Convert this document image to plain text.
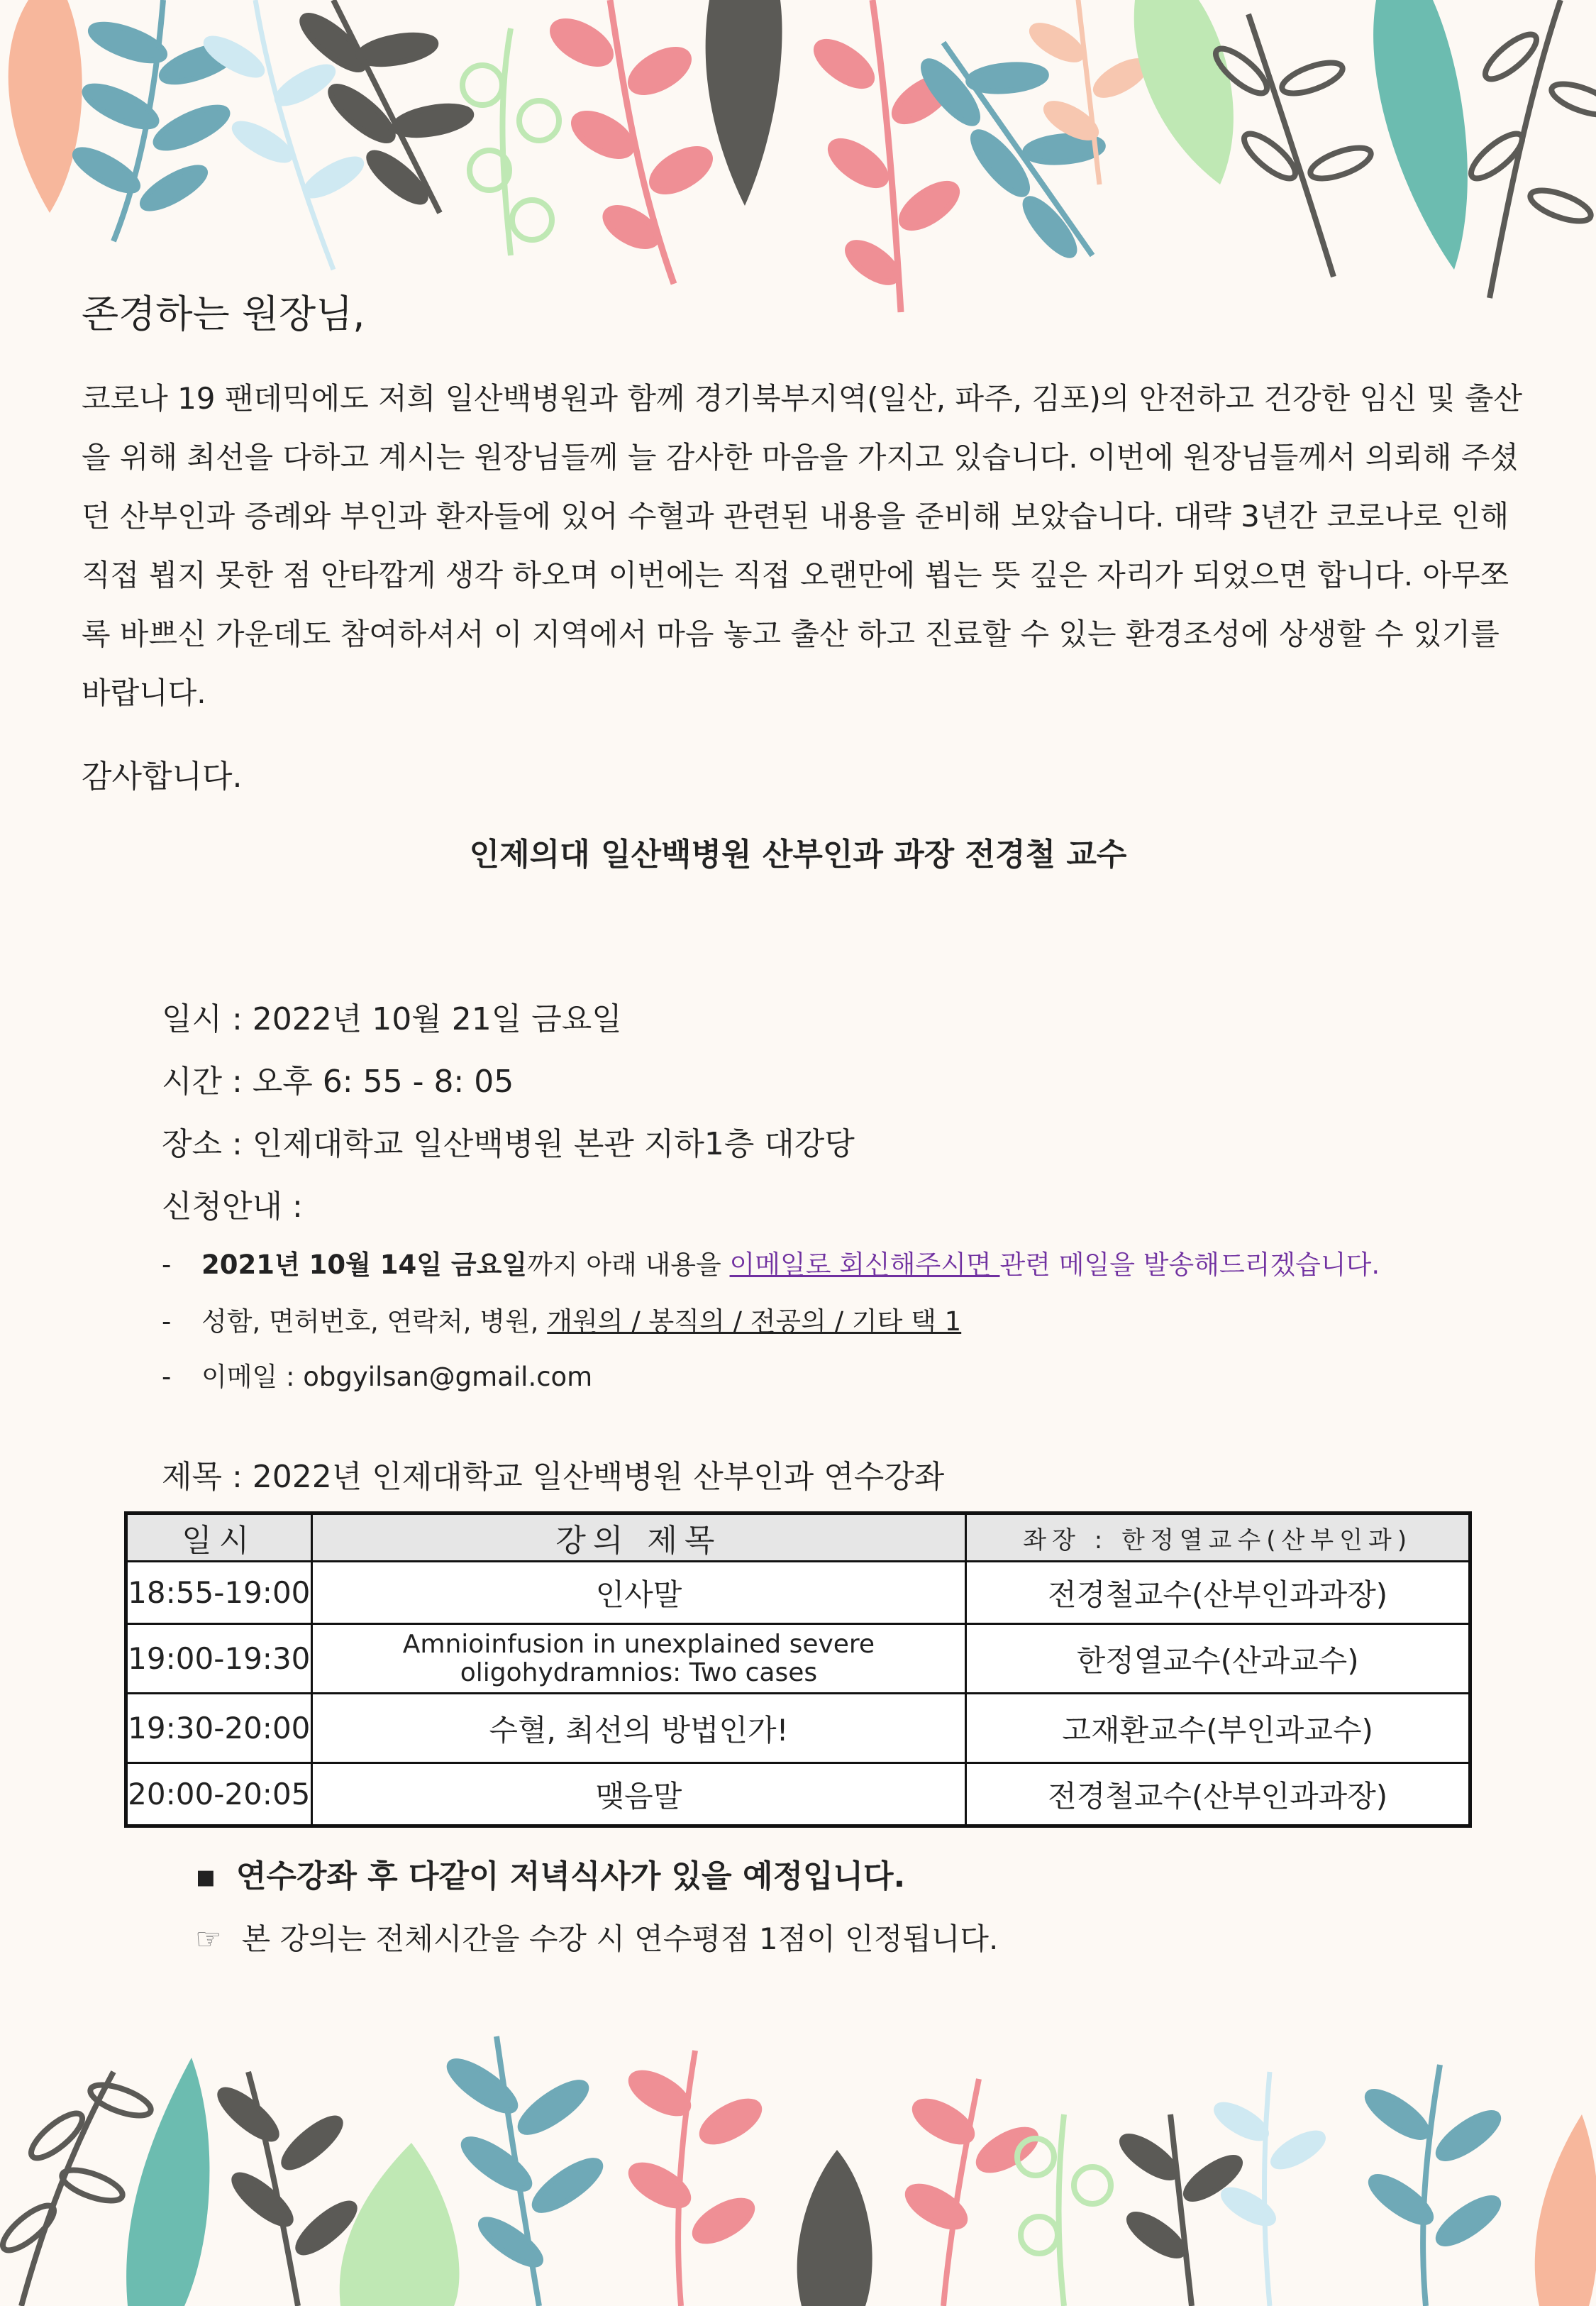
존경하는 원장님,
코로나 19 팬데믹에도 저희 일산백병원과 함께 경기북부지역(일산, 파주, 김포)의 안전하고 건강한 임신 및 출산을 위해 최선을 다하고 계시는 원장님들께 늘 감사한 마음을 가지고 있습니다. 이번에 원장님들께서 의뢰해 주셨던 산부인과 증례와 부인과 환자들에 있어 수혈과 관련된 내용을 준비해 보았습니다. 대략 3년간 코로나로 인해 직접 뵙지 못한 점 안타깝게 생각 하오며 이번에는 직접 오랜만에 뵙는 뜻 깊은 자리가 되었으면 합니다. 아무쪼록 바쁘신 가운데도 참여하셔서 이 지역에서 마음 놓고 출산 하고 진료할 수 있는 환경조성에 상생할 수 있기를 바랍니다.
감사합니다.
인제의대 일산백병원 산부인과 과장 전경철 교수
일시 : 2022년 10월 21일 금요일
시간 : 오후 6: 55 - 8: 05
장소 : 인제대학교 일산백병원 본관 지하1층 대강당
신청안내 :
- 2021년 10월 14일 금요일까지 아래 내용을 이메일로 회신해주시면 관련 메일을 발송해드리겠습니다.
- 성함, 면허번호, 연락처, 병원, 개원의 / 봉직의 / 전공의 / 기타 택 1
- 이메일 : obgyilsan@gmail.com
제목 : 2022년 인제대학교 일산백병원 산부인과 연수강좌
일시	강의 제목	좌장 : 한정열교수(산부인과)
18:55-19:00	인사말	전경철교수(산부인과과장)
19:00-19:30	Amnioinfusion in unexplained severe oligohydramnios: Two cases	한정열교수(산과교수)
19:30-20:00	수혈, 최선의 방법인가!	고재환교수(부인과교수)
20:00-20:05	맺음말	전경철교수(산부인과과장)
▪ 연수강좌 후 다같이 저녁식사가 있을 예정입니다.
☞ 본 강의는 전체시간을 수강 시 연수평점 1점이 인정됩니다.
